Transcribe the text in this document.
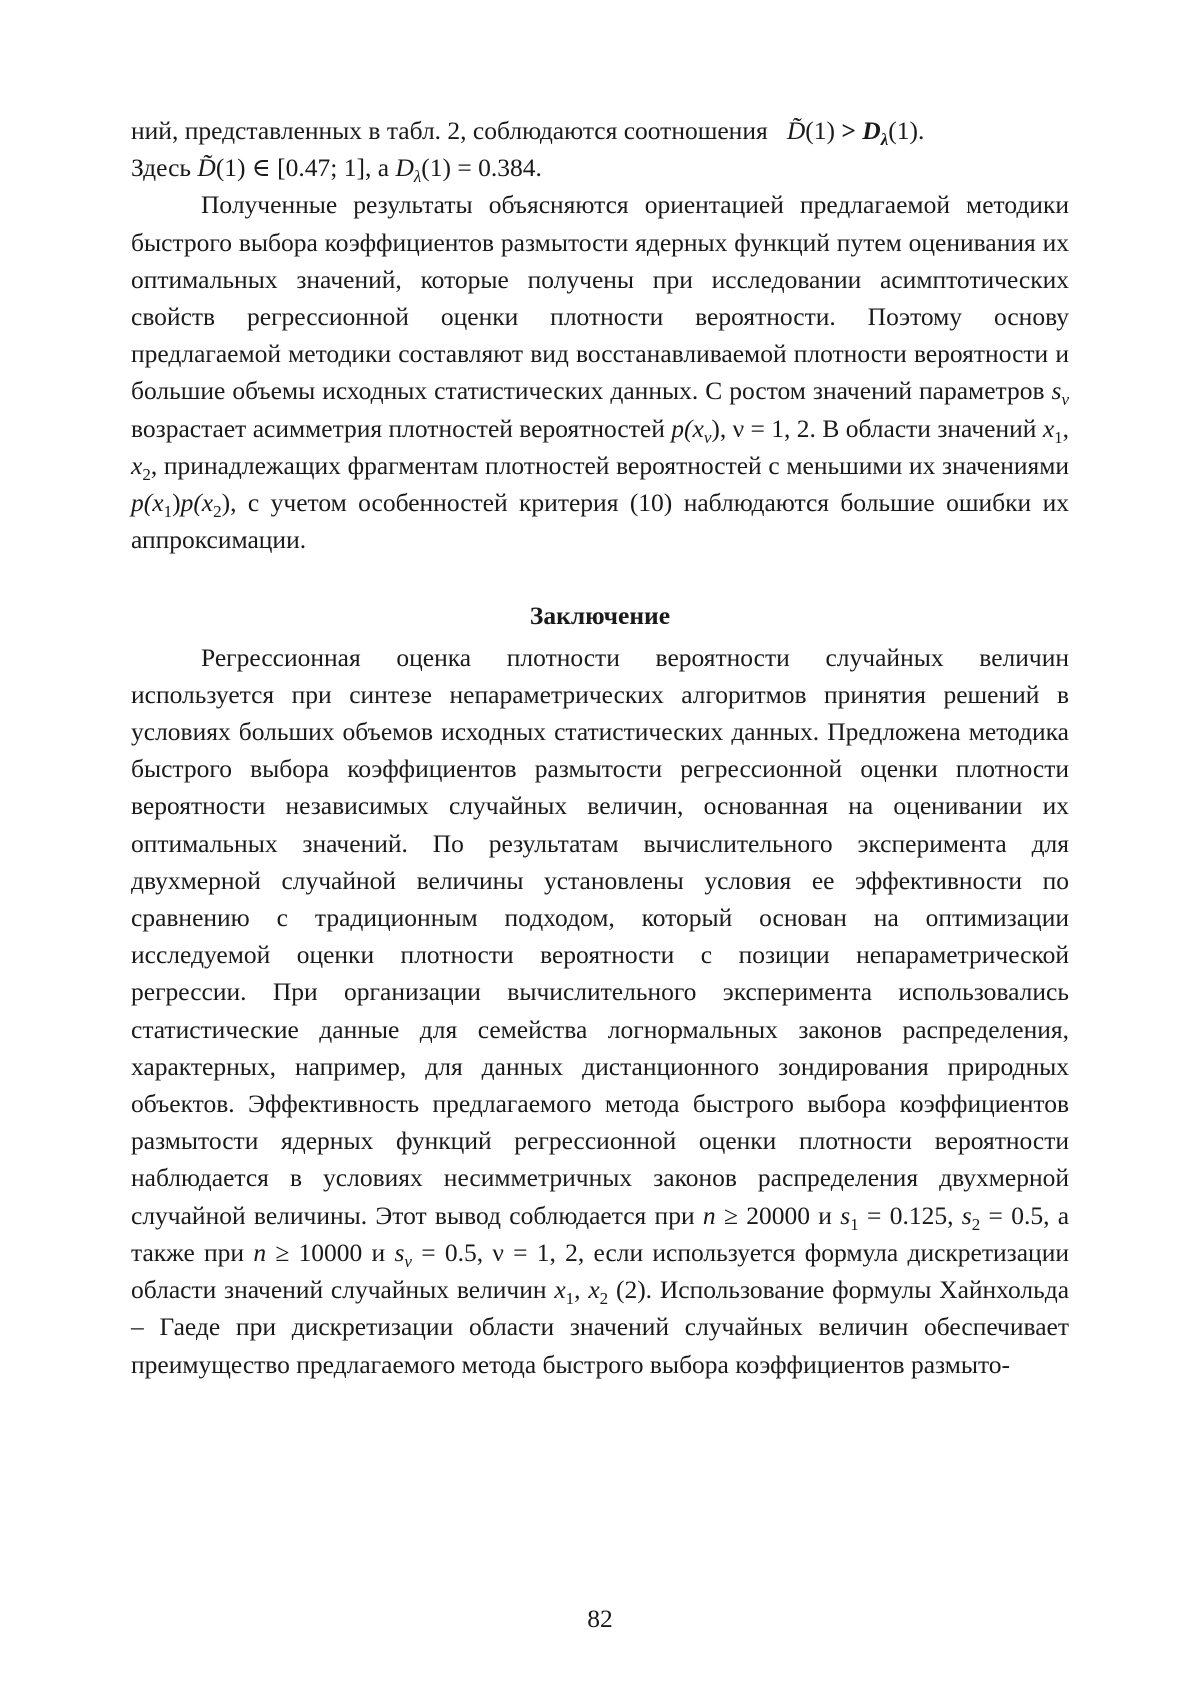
ний, представленных в табл. 2, соблюдаются соотношения D̃̃(1) > $D_\lambda(1)$.
Здесь D̃̃(1) ∈ [0.47; 1], а $D_\lambda(1) = 0.384$.

Полученные результаты объясняются ориентацией предлагаемой методики быстрого выбора коэффициентов размытости ядерных функций путем оценивания их оптимальных значений, которые получены при исследовании асимптотических свойств регрессионной оценки плотности вероятности. Поэтому основу предлагаемой методики составляют вид восстанавливаемой плотности вероятности и большие объемы исходных статистических данных. С ростом значений параметров $s_\nu$ возрастает асимметрия плотностей вероятностей $p(x_\nu)$, ν = 1, 2. В области значений $x_1$, $x_2$, принадлежащих фрагментам плотностей вероятностей с меньшими их значениями $p(x_1)p(x_2)$, с учетом особенностей критерия (10) наблюдаются большие ошибки их аппроксимации.

Заключение

Регрессионная оценка плотности вероятности случайных величин используется при синтезе непараметрических алгоритмов принятия решений в условиях больших объемов исходных статистических данных. Предложена методика быстрого выбора коэффициентов размытости регрессионной оценки плотности вероятности независимых случайных величин, основанная на оценивании их оптимальных значений. По результатам вычислительного эксперимента для двухмерной случайной величины установлены условия ее эффективности по сравнению с традиционным подходом, который основан на оптимизации исследуемой оценки плотности вероятности с позиции непараметрической регрессии. При организации вычислительного эксперимента использовались статистические данные для семейства логнормальных законов распределения, характерных, например, для данных дистанционного зондирования природных объектов. Эффективность предлагаемого метода быстрого выбора коэффициентов размытости ядерных функций регрессионной оценки плотности вероятности наблюдается в условиях несимметричных законов распределения двухмерной случайной величины. Этот вывод соблюдается при n ≥ 20000 и $s_1 = 0.125$, $s_2 = 0.5$, а также при n ≥ 10000 и $s_\nu = 0.5$, ν = 1, 2, если используется формула дискретизации области значений случайных величин $x_1$, $x_2$ (2). Использование формулы Хайнхольда – Гаеде при дискретизации области значений случайных величин обеспечивает преимущество предлагаемого метода быстрого выбора коэффициентов размыто-

82
